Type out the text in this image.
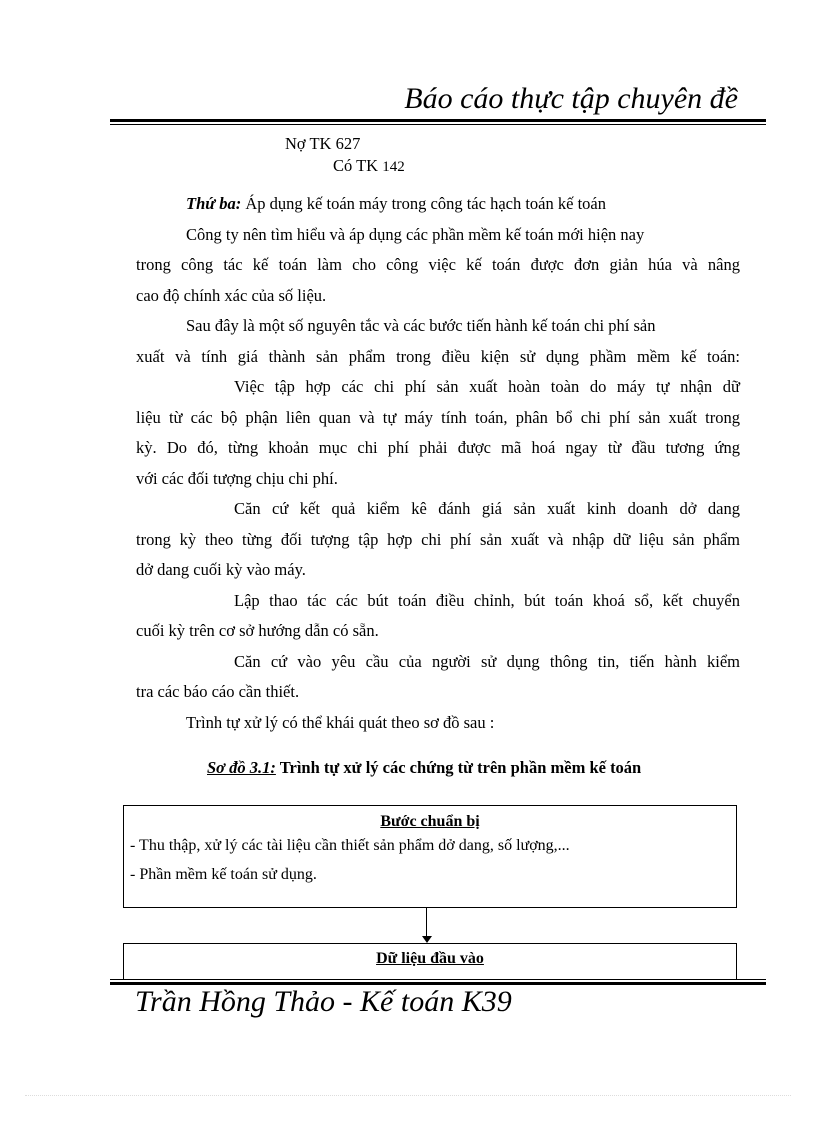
Báo cáo thực tập chuyên đề
Nợ TK 627
Có TK 142
Thứ ba: Áp dụng kế toán máy trong công tác hạch toán kế toán
Công ty nên tìm hiểu và áp dụng các phần mềm kế toán mới hiện nay
trong công tác kế toán làm cho công việc kế toán được đơn giản húa và nâng
cao độ chính xác của số liệu.
Sau đây là một số nguyên tắc và các bước tiến hành kế toán chi phí sản
xuất và tính giá thành sản phẩm trong điều kiện sử dụng phầm mềm kế toán:
Việc tập hợp các chi phí sản xuất hoàn toàn do máy tự nhận dữ
liệu từ các bộ phận liên quan và tự máy tính toán, phân bổ chi phí sản xuất trong
kỳ. Do đó, từng khoản mục chi phí phải được mã hoá ngay từ đầu tương ứng
với các đối tượng chịu chi phí.
Căn cứ kết quả kiểm kê đánh giá sản xuất kinh doanh dở dang
trong kỳ theo từng đối tượng tập hợp chi phí sản xuất và nhập dữ liệu sản phẩm
dở dang cuối kỳ vào máy.
Lập thao tác các bút toán điều chỉnh, bút toán khoá sổ, kết chuyển
cuối kỳ trên cơ sở hướng dẫn có sẵn.
Căn cứ vào yêu cầu của người sử dụng thông tin, tiến hành kiểm
tra các báo cáo cần thiết.
Trình tự xử lý có thể khái quát theo sơ đồ sau :
Sơ đồ 3.1: Trình tự xử lý các chứng từ trên phần mềm kế toán
Bước chuẩn bị
- Thu thập, xử lý các tài liệu cần thiết sản phẩm dở dang, số lượng,...
- Phần mềm kế toán sử dụng.
Dữ liệu đầu vào
Trần Hồng Thảo - Kế toán K39
